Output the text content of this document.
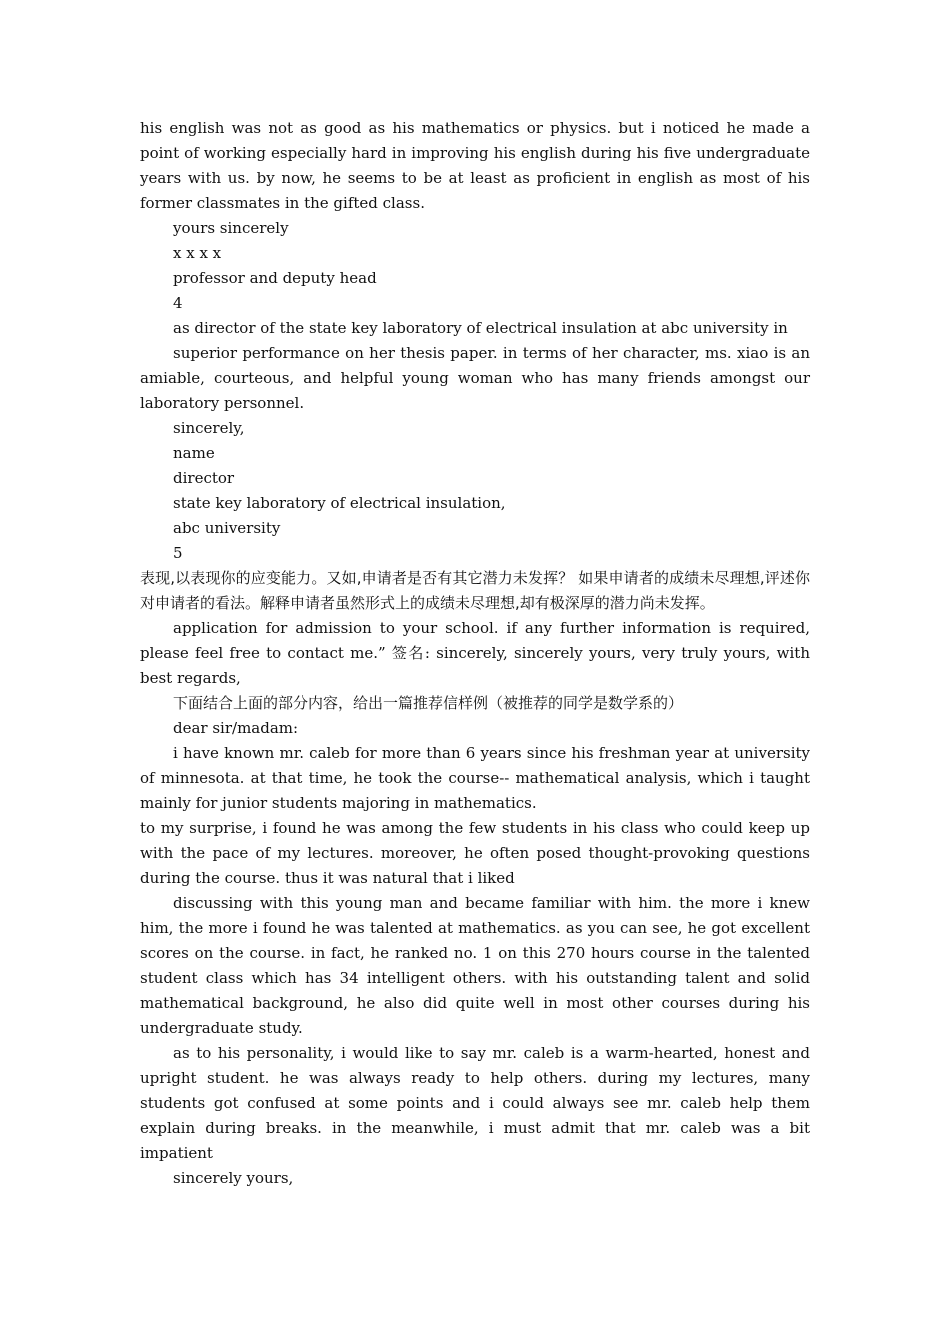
his english was not as good as his mathematics or physics. but i noticed he made a point of working especially hard in improving his english during his five undergraduate years with us. by now, he seems to be at least as proficient in english as most of his former classmates in the gifted class.

yours sincerely

x x x x

professor and deputy head

4

as director of the state key laboratory of electrical insulation at abc university in

superior performance on her thesis paper. in terms of her character, ms. xiao is an amiable, courteous, and helpful young woman who has many friends amongst our laboratory personnel.

sincerely,

name

director

state key laboratory of electrical insulation,

abc university

5

表现,以表现你的应变能力。又如,申请者是否有其它潜力未发挥？ 如果申请者的成绩未尽理想,评述你对申请者的看法。解释申请者虽然形式上的成绩未尽理想,却有极深厚的潜力尚未发挥。

application for admission to your school. if any further information is required, please feel free to contact me.” 签名: sincerely, sincerely yours, very truly yours, with best regards,

下面结合上面的部分内容，给出一篇推荐信样例（被推荐的同学是数学系的）

dear sir/madam:

i have known mr. caleb for more than 6 years since his freshman year at university of minnesota. at that time, he took the course-- mathematical analysis, which i taught mainly for junior students majoring in mathematics.

to my surprise, i found he was among the few students in his class who could keep up with the pace of my lectures. moreover, he often posed thought-provoking questions during the course. thus it was natural that i liked

discussing with this young man and became familiar with him. the more i knew him, the more i found he was talented at mathematics. as you can see, he got excellent scores on the course. in fact, he ranked no. 1 on this 270 hours course in the talented student class which has 34 intelligent others. with his outstanding talent and solid mathematical background, he also did quite well in most other courses during his undergraduate study.

as to his personality, i would like to say mr. caleb is a warm-hearted, honest and upright student. he was always ready to help others. during my lectures, many students got confused at some points and i could always see mr. caleb help them explain during breaks. in the meanwhile, i must admit that mr. caleb was a bit impatient

sincerely yours,
